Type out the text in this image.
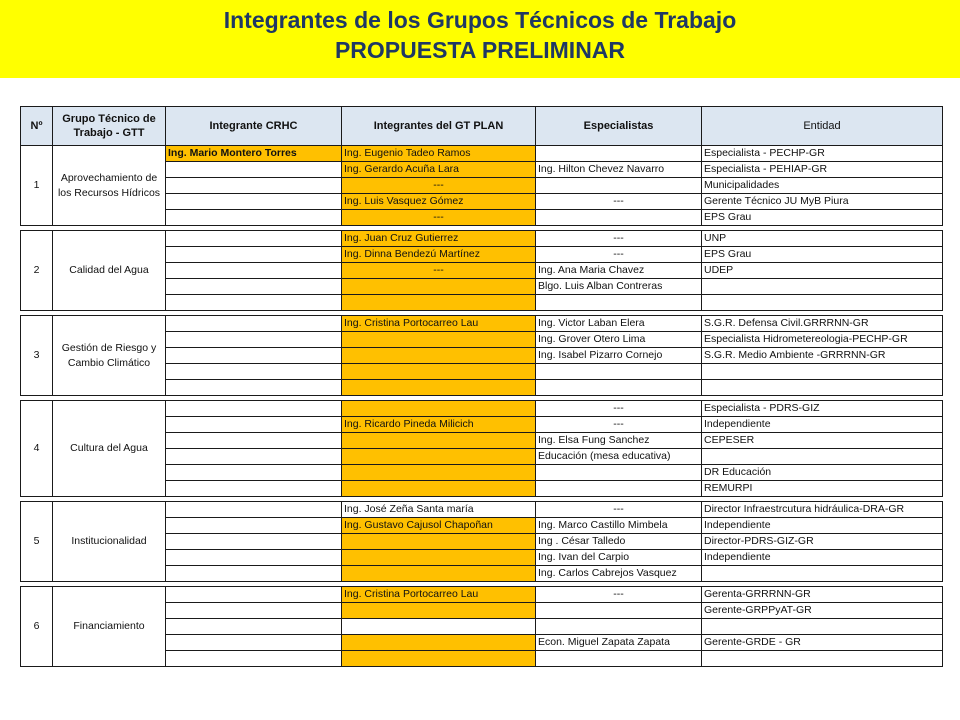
Integrantes de los Grupos Técnicos de Trabajo
PROPUESTA PRELIMINAR
Nº	Grupo Técnico de Trabajo - GTT	Integrante CRHC	Integrantes del GT PLAN	Especialistas	Entidad
1	Aprovechamiento de los Recursos Hídricos	Ing. Mario Montero Torres	Ing. Eugenio Tadeo Ramos		Especialista - PECHP-GR
			Ing. Gerardo Acuña Lara	Ing. Hilton Chevez Navarro	Especialista - PEHIAP-GR
			---		Municipalidades
			Ing. Luis Vasquez Gómez	---	Gerente Técnico JU MyB Piura
			---		EPS Grau

2	Calidad del Agua		Ing. Juan Cruz Gutierrez	---	UNP
			Ing. Dinna Bendezú Martínez	---	EPS Grau
			---	Ing. Ana Maria Chavez	UDEP
				Blgo. Luis Alban Contreras	

3	Gestión de Riesgo y Cambio Climático		Ing. Cristina Portocarreo Lau	Ing. Victor Laban Elera	S.G.R. Defensa Civil.GRRRNN-GR
				Ing. Grover Otero Lima	Especialista Hidrometereologia-PECHP-GR
				Ing. Isabel Pizarro Cornejo	S.G.R. Medio Ambiente -GRRRNN-GR

4	Cultura del Agua			---	Especialista - PDRS-GIZ
			Ing. Ricardo Pineda Milicich	---	Independiente
				Ing. Elsa Fung Sanchez	CEPESER
				Educación (mesa educativa)	
					DR Educación
					REMURPI

5	Institucionalidad		Ing. José Zeña Santa maría	---	Director Infraestrcutura hidráulica-DRA-GR
			Ing. Gustavo Cajusol Chapoñan	Ing. Marco Castillo Mimbela	Independiente
				Ing . César Talledo	Director-PDRS-GIZ-GR
				Ing. Ivan del Carpio	Independiente
				Ing. Carlos Cabrejos Vasquez	

6	Financiamiento		Ing. Cristina Portocarreo Lau	---	Gerenta-GRRRNN-GR
					Gerente-GRPPyAT-GR

				Econ. Miguel Zapata Zapata	Gerente-GRDE - GR
